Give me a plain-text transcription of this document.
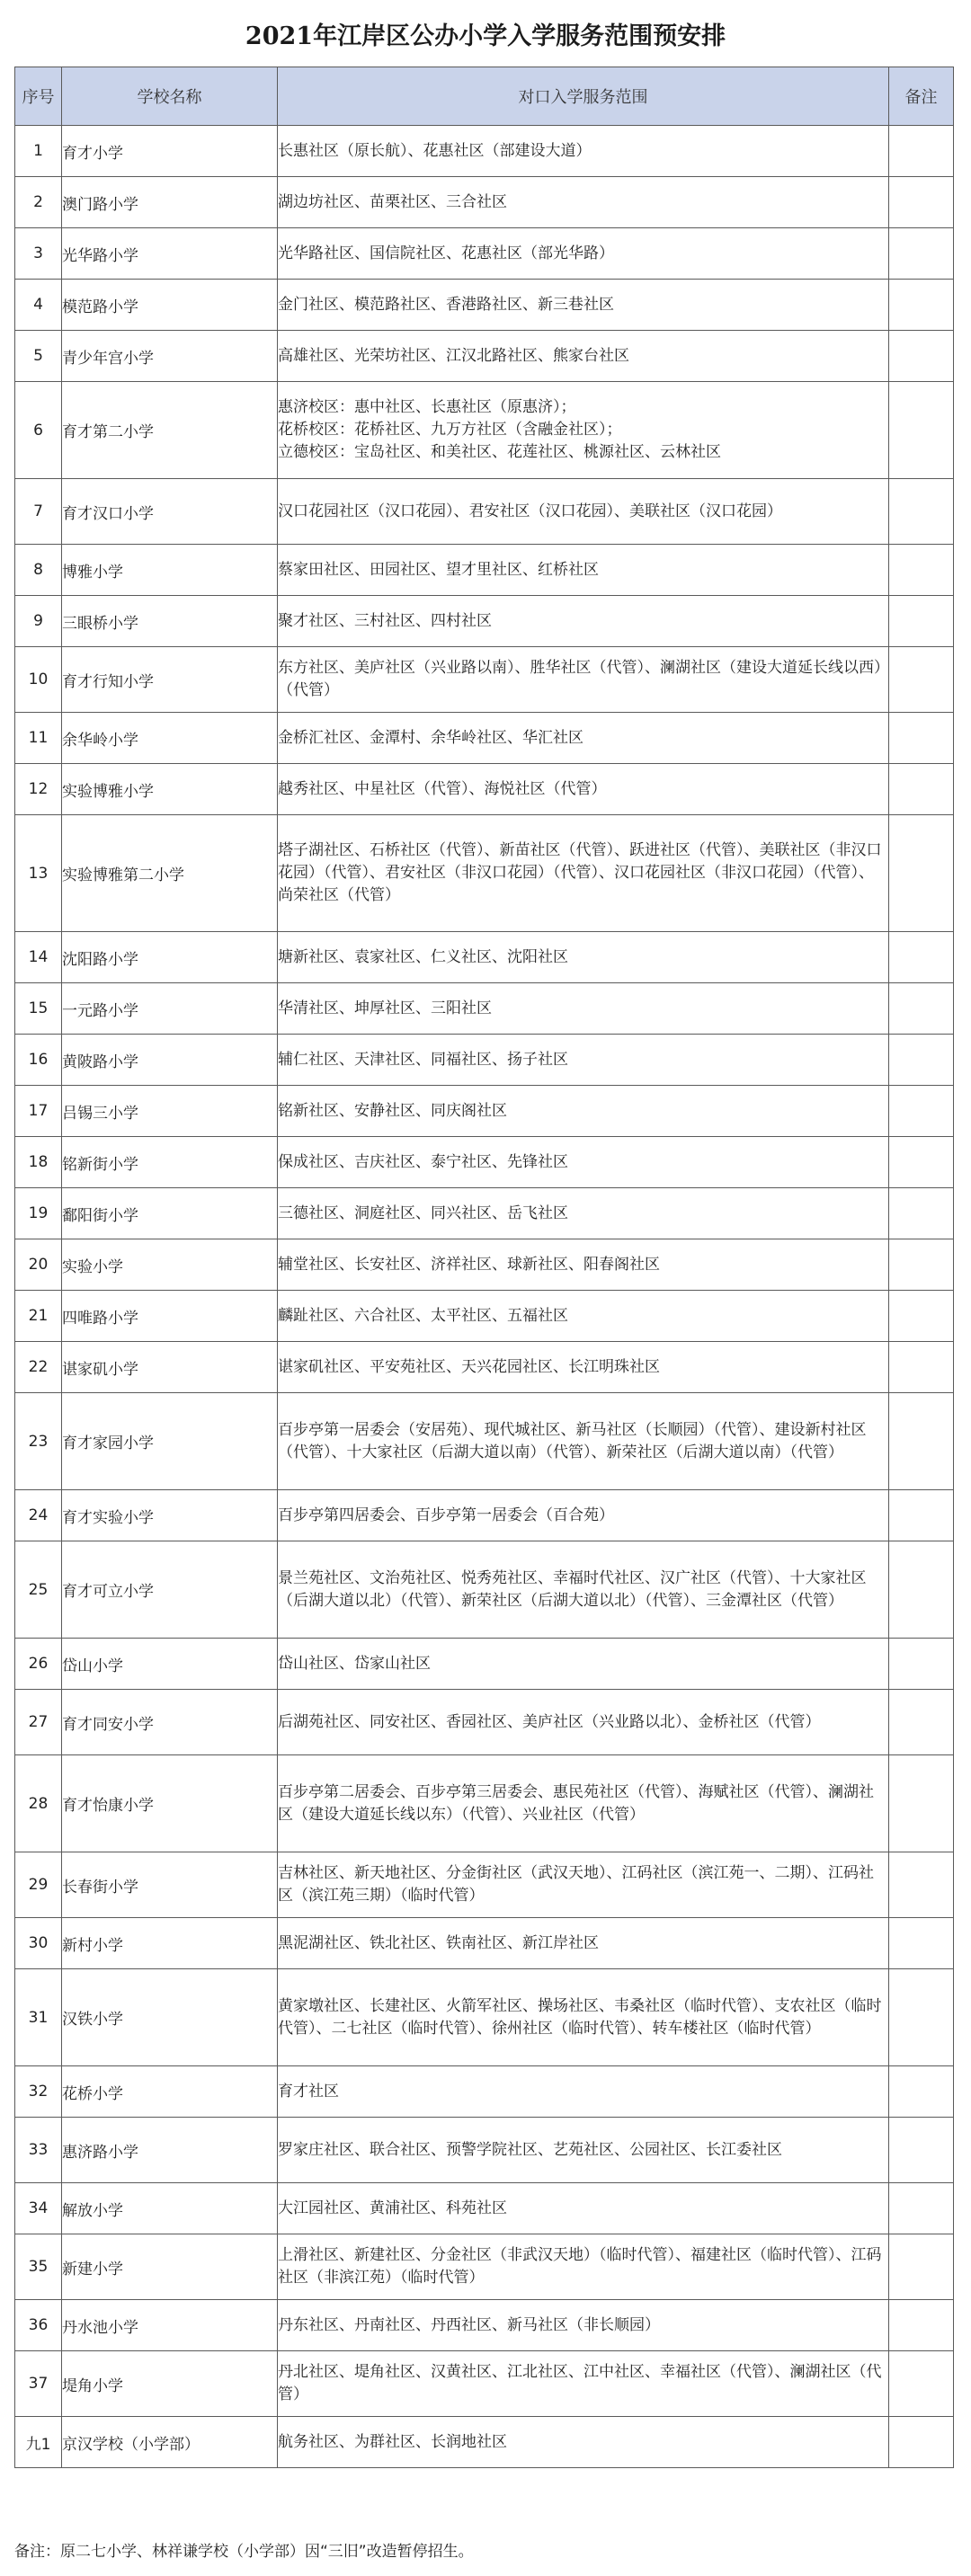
2021年江岸区公办小学入学服务范围预安排
序号	学校名称	对口入学服务范围	备注
1	育才小学	长惠社区（原长航）、花惠社区（部建设大道）	
2	澳门路小学	湖边坊社区、苗栗社区、三合社区	
3	光华路小学	光华路社区、国信院社区、花惠社区（部光华路）	
4	模范路小学	金门社区、模范路社区、香港路社区、新三巷社区	
5	青少年宫小学	高雄社区、光荣坊社区、江汉北路社区、熊家台社区	
6	育才第二小学	惠济校区：惠中社区、长惠社区（原惠济）；
花桥校区：花桥社区、九万方社区（含融金社区）；
立德校区：宝岛社区、和美社区、花莲社区、桃源社区、云林社区	
7	育才汉口小学	汉口花园社区（汉口花园）、君安社区（汉口花园）、美联社区（汉口花园）	
8	博雅小学	蔡家田社区、田园社区、望才里社区、红桥社区	
9	三眼桥小学	聚才社区、三村社区、四村社区	
10	育才行知小学	东方社区、美庐社区（兴业路以南）、胜华社区（代管）、澜湖社区（建设大道延长线以西）（代管）	
11	余华岭小学	金桥汇社区、金潭村、余华岭社区、华汇社区	
12	实验博雅小学	越秀社区、中星社区（代管）、海悦社区（代管）	
13	实验博雅第二小学	塔子湖社区、石桥社区（代管）、新苗社区（代管）、跃进社区（代管）、美联社区（非汉口花园）（代管）、君安社区（非汉口花园）（代管）、汉口花园社区（非汉口花园）（代管）、尚荣社区（代管）	
14	沈阳路小学	塘新社区、袁家社区、仁义社区、沈阳社区	
15	一元路小学	华清社区、坤厚社区、三阳社区	
16	黄陂路小学	辅仁社区、天津社区、同福社区、扬子社区	
17	吕锡三小学	铭新社区、安静社区、同庆阁社区	
18	铭新街小学	保成社区、吉庆社区、泰宁社区、先锋社区	
19	鄱阳街小学	三德社区、洞庭社区、同兴社区、岳飞社区	
20	实验小学	辅堂社区、长安社区、济祥社区、球新社区、阳春阁社区	
21	四唯路小学	麟趾社区、六合社区、太平社区、五福社区	
22	谌家矶小学	谌家矶社区、平安苑社区、天兴花园社区、长江明珠社区	
23	育才家园小学	百步亭第一居委会（安居苑）、现代城社区、新马社区（长顺园）（代管）、建设新村社区（代管）、十大家社区（后湖大道以南）（代管）、新荣社区（后湖大道以南）（代管）	
24	育才实验小学	百步亭第四居委会、百步亭第一居委会（百合苑）	
25	育才可立小学	景兰苑社区、文治苑社区、悦秀苑社区、幸福时代社区、汉广社区（代管）、十大家社区（后湖大道以北）（代管）、新荣社区（后湖大道以北）（代管）、三金潭社区（代管）	
26	岱山小学	岱山社区、岱家山社区	
27	育才同安小学	后湖苑社区、同安社区、香园社区、美庐社区（兴业路以北）、金桥社区（代管）	
28	育才怡康小学	百步亭第二居委会、百步亭第三居委会、惠民苑社区（代管）、海赋社区（代管）、澜湖社区（建设大道延长线以东）（代管）、兴业社区（代管）	
29	长春街小学	吉林社区、新天地社区、分金街社区（武汉天地）、江码社区（滨江苑一、二期）、江码社区（滨江苑三期）（临时代管）	
30	新村小学	黑泥湖社区、铁北社区、铁南社区、新江岸社区	
31	汉铁小学	黄家墩社区、长建社区、火箭军社区、操场社区、韦桑社区（临时代管）、支农社区（临时代管）、二七社区（临时代管）、徐州社区（临时代管）、转车楼社区（临时代管）	
32	花桥小学	育才社区	
33	惠济路小学	罗家庄社区、联合社区、预警学院社区、艺苑社区、公园社区、长江委社区	
34	解放小学	大江园社区、黄浦社区、科苑社区	
35	新建小学	上滑社区、新建社区、分金社区（非武汉天地）（临时代管）、福建社区（临时代管）、江码社区（非滨江苑）（临时代管）	
36	丹水池小学	丹东社区、丹南社区、丹西社区、新马社区（非长顺园）	
37	堤角小学	丹北社区、堤角社区、汉黄社区、江北社区、江中社区、幸福社区（代管）、澜湖社区（代管）	
九1	京汉学校（小学部）	航务社区、为群社区、长润地社区	
备注：原二七小学、林祥谦学校（小学部）因“三旧”改造暂停招生。
